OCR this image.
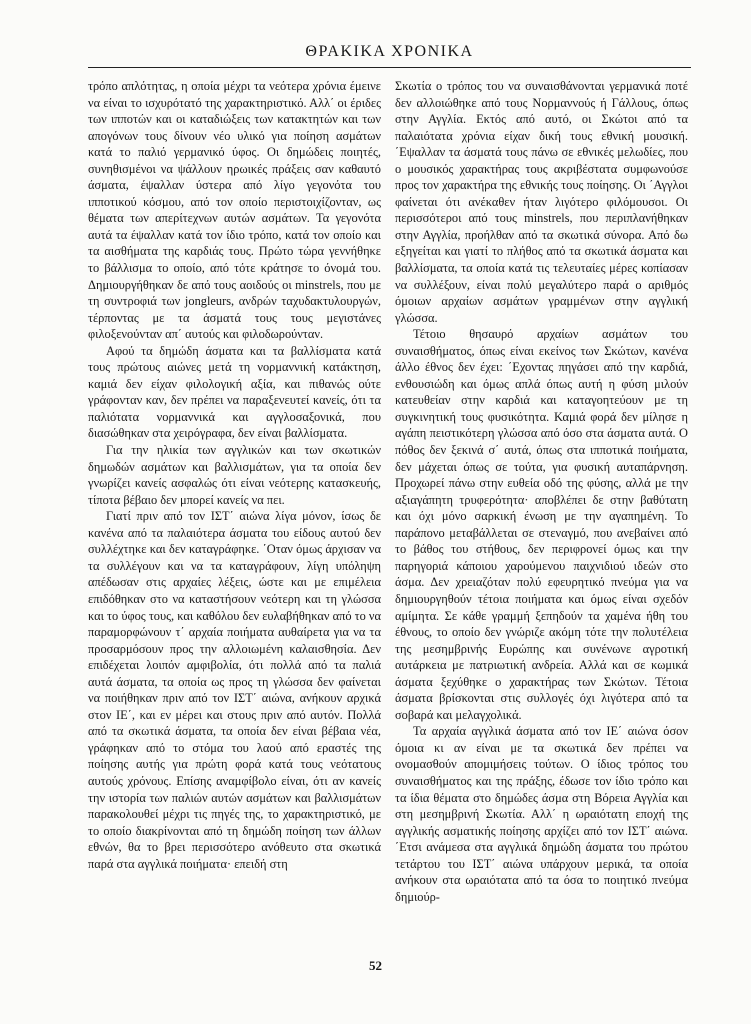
ΘΡΑΚΙΚΑ ΧΡΟΝΙΚΑ

τρόπο απλότητας, η οποία μέχρι τα νεότερα χρόνια έμεινε να είναι το ισχυρότατό της χαρακτηριστικό. Αλλ΄ οι έριδες των ιπποτών και οι καταδιώξεις των κατακτητών και των απογόνων τους δίνουν νέο υλικό για ποίηση ασμάτων κατά το παλιό γερμανικό ύφος. Οι δημώδεις ποιητές, συνηθισμένοι να ψάλλουν ηρωικές πράξεις σαν καθαυτό άσματα, έψαλλαν ύστερα από λίγο γεγονότα του ιπποτικού κόσμου, από τον οποίο περιστοιχίζονταν, ως θέματα των απερίτεχνων αυτών ασμάτων. Τα γεγονότα αυτά τα έψαλλαν κατά τον ίδιο τρόπο, κατά τον οποίο και τα αισθήματα της καρδιάς τους. Πρώτο τώρα γεννήθηκε το βάλλισμα το οποίο, από τότε κράτησε το όνομά του. Δημιουργήθηκαν δε από τους αοιδούς οι minstrels, που με τη συντροφιά των jongleurs, ανδρών ταχυδακτυλουργών, τέρποντας με τα άσματά τους τους μεγιστάνες φιλοξενούνταν απ΄ αυτούς και φιλοδωρούνταν.

Αφού τα δημώδη άσματα και τα βαλλίσματα κατά τους πρώτους αιώνες μετά τη νορμαννική κατάκτηση, καμιά δεν είχαν φιλολογική αξία, και πιθανώς ούτε γράφονταν καν, δεν πρέπει να παραξενευτεί κανείς, ότι τα παλιότατα νορμαννικά και αγγλοσαξονικά, που διασώθηκαν στα χειρόγραφα, δεν είναι βαλλίσματα.

Για την ηλικία των αγγλικών και των σκωτικών δημωδών ασμάτων και βαλλισμάτων, για τα οποία δεν γνωρίζει κανείς ασφαλώς ότι είναι νεότερης κατασκευής, τίποτα βέβαιο δεν μπορεί κανείς να πει.

Γιατί πριν από τον ΙΣΤ΄ αιώνα λίγα μόνον, ίσως δε κανένα από τα παλαιότερα άσματα του είδους αυτού δεν συλλέχτηκε και δεν καταγράφηκε. ΄Οταν όμως άρχισαν να τα συλλέγουν και να τα καταγράφουν, λίγη υπόληψη απέδωσαν στις αρχαίες λέξεις, ώστε και με επιμέλεια επιδόθηκαν στο να καταστήσουν νεότερη και τη γλώσσα και το ύφος τους, και καθόλου δεν ευλαβήθηκαν από το να παραμορφώνουν τ΄ αρχαία ποιήματα αυθαίρετα για να τα προσαρμόσουν προς την αλλοιωμένη καλαισθησία. Δεν επιδέχεται λοιπόν αμφιβολία, ότι πολλά από τα παλιά αυτά άσματα, τα οποία ως προς τη γλώσσα δεν φαίνεται να ποιήθηκαν πριν από τον ΙΣΤ΄ αιώνα, ανήκουν αρχικά στον ΙΕ΄, και εν μέρει και στους πριν από αυτόν. Πολλά από τα σκωτικά άσματα, τα οποία δεν είναι βέβαια νέα, γράφηκαν από το στόμα του λαού από εραστές της ποίησης αυτής για πρώτη φορά κατά τους νεότατους αυτούς χρόνους. Επίσης αναμφίβολο είναι, ότι αν κανείς την ιστορία των παλιών αυτών ασμάτων και βαλλισμάτων παρακολουθεί μέχρι τις πηγές της, το χαρακτηριστικό, με το οποίο διακρίνονται από τη δημώδη ποίηση των άλλων εθνών, θα το βρει περισσότερο ανόθευτο στα σκωτικά παρά στα αγγλικά ποιήματα· επειδή στη

Σκωτία ο τρόπος του να συναισθάνονται γερμανικά ποτέ δεν αλλοιώθηκε από τους Νορμαννούς ή Γάλλους, όπως στην Αγγλία. Εκτός από αυτό, οι Σκώτοι από τα παλαιότατα χρόνια είχαν δική τους εθνική μουσική. ΄Εψαλλαν τα άσματά τους πάνω σε εθνικές μελωδίες, που ο μουσικός χαρακτήρας τους ακριβέστατα συμφωνούσε προς τον χαρακτήρα της εθνικής τους ποίησης. Οι ΄Αγγλοι φαίνεται ότι ανέκαθεν ήταν λιγότερο φιλόμουσοι. Οι περισσότεροι από τους minstrels, που περιπλανήθηκαν στην Αγγλία, προήλθαν από τα σκωτικά σύνορα. Από δω εξηγείται και γιατί το πλήθος από τα σκωτικά άσματα και βαλλίσματα, τα οποία κατά τις τελευταίες μέρες κοπίασαν να συλλέξουν, είναι πολύ μεγαλύτερο παρά ο αριθμός όμοιων αρχαίων ασμάτων γραμμένων στην αγγλική γλώσσα.

Τέτοιο θησαυρό αρχαίων ασμάτων του συναισθήματος, όπως είναι εκείνος των Σκώτων, κανένα άλλο έθνος δεν έχει: ΄Εχοντας πηγάσει από την καρδιά, ενθουσιώδη και όμως απλά όπως αυτή η φύση μιλούν κατευθείαν στην καρδιά και καταγοητεύουν με τη συγκινητική τους φυσικότητα. Καμιά φορά δεν μίλησε η αγάπη πειστικότερη γλώσσα από όσο στα άσματα αυτά. Ο πόθος δεν ξεκινά σ΄ αυτά, όπως στα ιπποτικά ποιήματα, δεν μάχεται όπως σε τούτα, για φυσική αυταπάρνηση. Προχωρεί πάνω στην ευθεία οδό της φύσης, αλλά με την αξιαγάπητη τρυφερότητα· αποβλέπει δε στην βαθύτατη και όχι μόνο σαρκική ένωση με την αγαπημένη. Το παράπονο μεταβάλλεται σε στεναγμό, που ανεβαίνει από το βάθος του στήθους, δεν περιφρονεί όμως και την παρηγοριά κάποιου χαρούμενου παιχνιδιού ιδεών στο άσμα. Δεν χρειαζόταν πολύ εφευρητικό πνεύμα για να δημιουργηθούν τέτοια ποιήματα και όμως είναι σχεδόν αμίμητα. Σε κάθε γραμμή ξεπηδούν τα χαμένα ήθη του έθνους, το οποίο δεν γνώριζε ακόμη τότε την πολυτέλεια της μεσημβρινής Ευρώπης και συνένωνε αγροτική αυτάρκεια με πατριωτική ανδρεία. Αλλά και σε κωμικά άσματα ξεχύθηκε ο χαρακτήρας των Σκώτων. Τέτοια άσματα βρίσκονται στις συλλογές όχι λιγότερα από τα σοβαρά και μελαγχολικά.

Τα αρχαία αγγλικά άσματα από τον ΙΕ΄ αιώνα όσον όμοια κι αν είναι με τα σκωτικά δεν πρέπει να ονομασθούν απομιμήσεις τούτων. Ο ίδιος τρόπος του συναισθήματος και της πράξης, έδωσε τον ίδιο τρόπο και τα ίδια θέματα στο δημώδες άσμα στη Βόρεια Αγγλία και στη μεσημβρινή Σκωτία. Αλλ΄ η ωραιότατη εποχή της αγγλικής ασματικής ποίησης αρχίζει από τον ΙΣΤ΄ αιώνα. ΄Ετσι ανάμεσα στα αγγλικά δημώδη άσματα του πρώτου τετάρτου του ΙΣΤ΄ αιώνα υπάρχουν μερικά, τα οποία ανήκουν στα ωραιότατα από τα όσα το ποιητικό πνεύμα δημιούρ-

52
